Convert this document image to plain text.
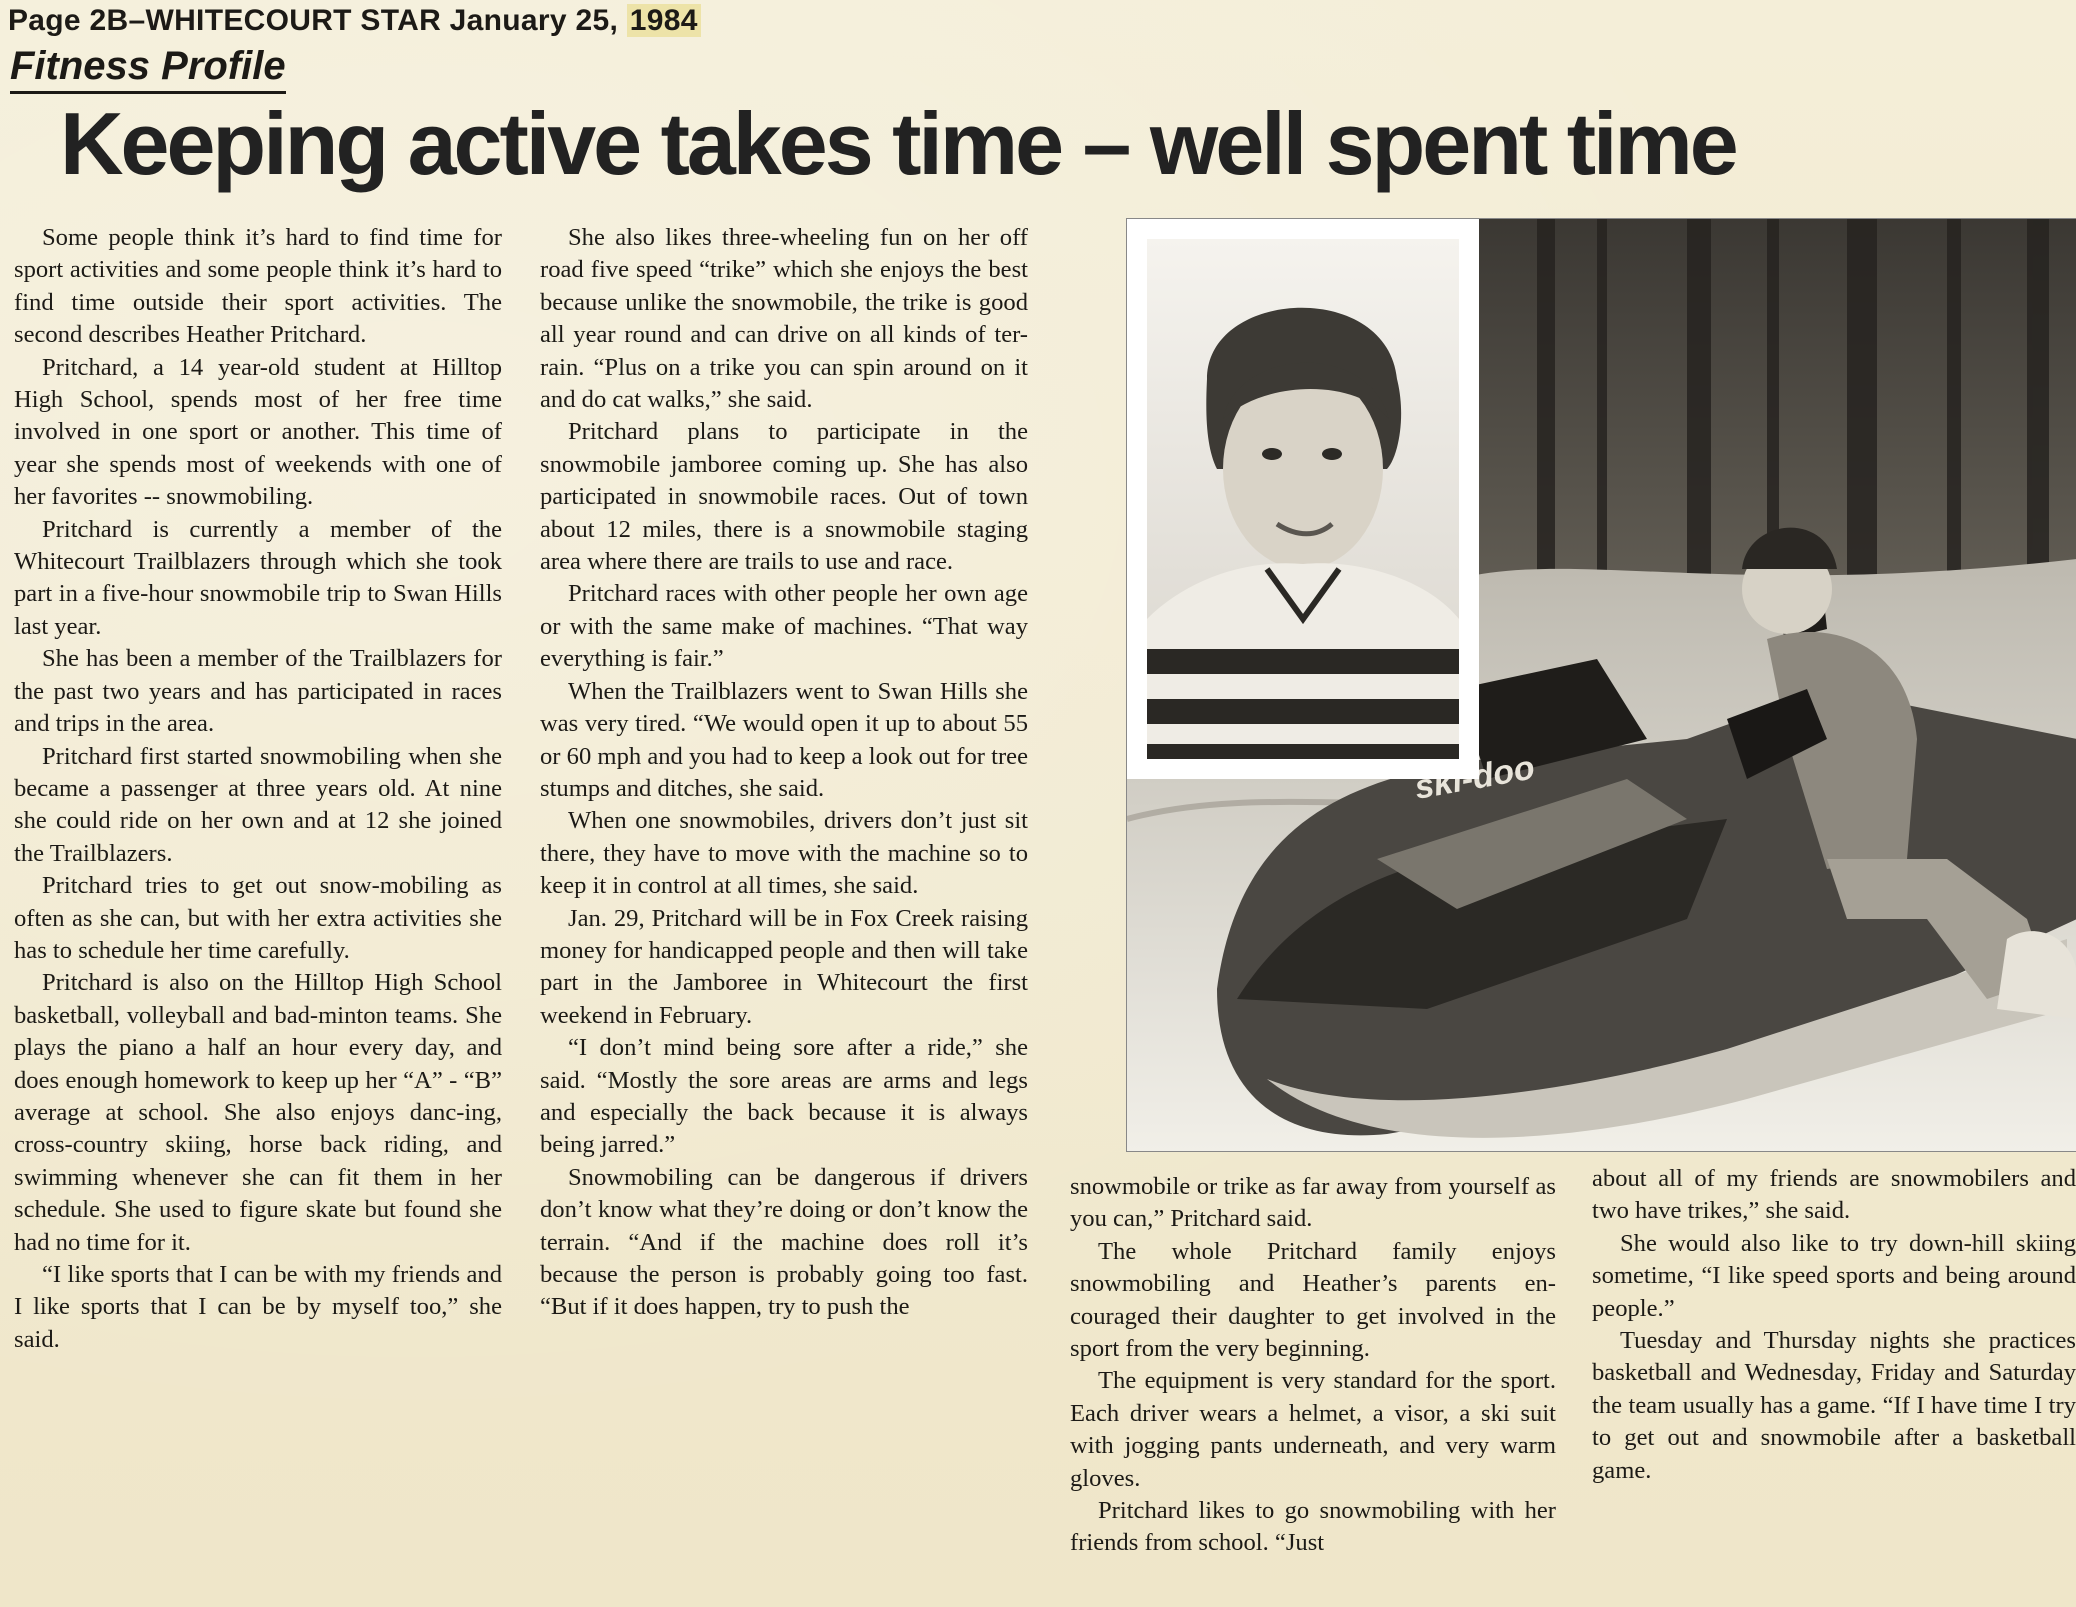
Page 2B–WHITECOURT STAR January 25, 1984
Fitness Profile
Keeping active takes time – well spent time

Some people think it’s hard to find time for sport activities and some people think it’s hard to find time outside their sport activities. The second describes Heather Pritchard.

Pritchard, a 14 year-old student at Hilltop High School, spends most of her free time involved in one sport or another. This time of year she spends most of weekends with one of her favorites -- snowmobiling.

Pritchard is currently a member of the Whitecourt Trailblazers through which she took part in a five-hour snowmobile trip to Swan Hills last year.

She has been a member of the Trailblazers for the past two years and has participated in races and trips in the area.

Pritchard first started snowmobiling when she became a passenger at three years old. At nine she could ride on her own and at 12 she joined the Trailblazers.

Pritchard tries to get out snow-mobiling as often as she can, but with her extra activities she has to schedule her time carefully.

Pritchard is also on the Hilltop High School basketball, volleyball and bad-minton teams. She plays the piano a half an hour every day, and does enough homework to keep up her “A” - “B” average at school. She also enjoys danc-ing, cross-country skiing, horse back riding, and swimming whenever she can fit them in her schedule. She used to figure skate but found she had no time for it.

“I like sports that I can be with my friends and I like sports that I can be by myself too,” she said.

She also likes three-wheeling fun on her off road five speed “trike” which she enjoys the best because unlike the snowmobile, the trike is good all year round and can drive on all kinds of ter-rain. “Plus on a trike you can spin around on it and do cat walks,” she said.

Pritchard plans to participate in the snowmobile jamboree coming up. She has also participated in snowmobile races. Out of town about 12 miles, there is a snowmobile staging area where there are trails to use and race.

Pritchard races with other people her own age or with the same make of machines. “That way everything is fair.”

When the Trailblazers went to Swan Hills she was very tired. “We would open it up to about 55 or 60 mph and you had to keep a look out for tree stumps and ditches, she said.

When one snowmobiles, drivers don’t just sit there, they have to move with the machine so to keep it in control at all times, she said.

Jan. 29, Pritchard will be in Fox Creek raising money for handicapped people and then will take part in the Jamboree in Whitecourt the first weekend in February.

“I don’t mind being sore after a ride,” she said. “Mostly the sore areas are arms and legs and especially the back because it is always being jarred.”

Snowmobiling can be dangerous if drivers don’t know what they’re doing or don’t know the terrain. “And if the machine does roll it’s because the person is probably going too fast. “But if it does happen, try to push the

snowmobile or trike as far away from yourself as you can,” Pritchard said.

The whole Pritchard family enjoys snowmobiling and Heather’s parents en-couraged their daughter to get involved in the sport from the very beginning.

The equipment is very standard for the sport. Each driver wears a helmet, a visor, a ski suit with jogging pants underneath, and very warm gloves.

Pritchard likes to go snowmobiling with her friends from school. “Just

about all of my friends are snowmobilers and two have trikes,” she said.

She would also like to try down-hill skiing sometime, “I like speed sports and being around people.”

Tuesday and Thursday nights she practices basketball and Wednesday, Friday and Saturday the team usually has a game. “If I have time I try to get out and snowmobile after a basketball game.
